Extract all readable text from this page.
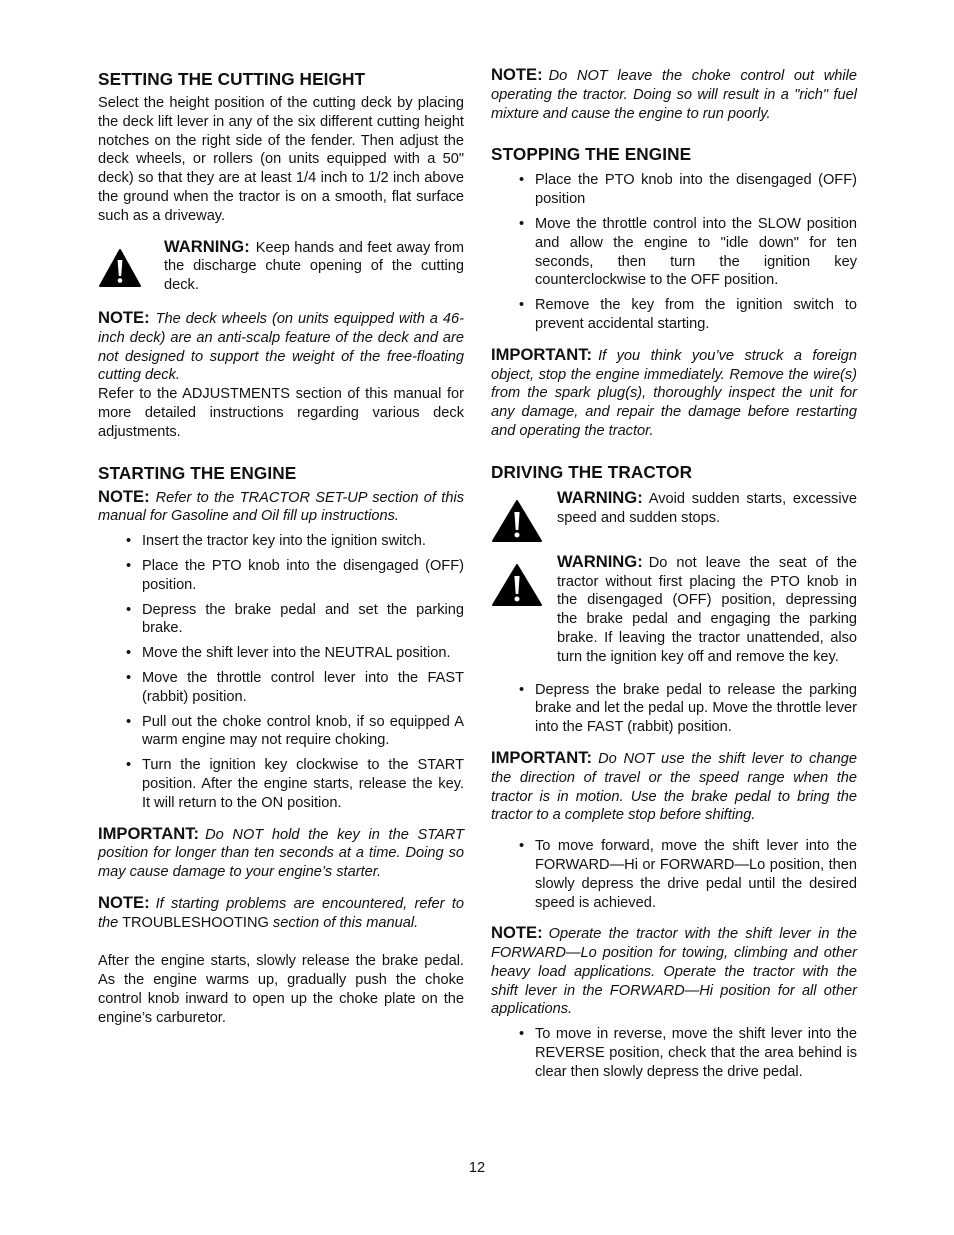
SETTING THE CUTTING HEIGHT

Select the height position of the cutting deck by placing the deck lift lever in any of the six different cutting height notches on the right side of the fender. Then adjust the deck wheels, or rollers (on units equipped with a 50" deck) so that they are at least 1/4 inch to 1/2 inch above the ground when the tractor is on a smooth, flat surface such as a driveway.

WARNING: Keep hands and feet away from the discharge chute opening of the cutting deck.

NOTE: The deck wheels (on units equipped with a 46-inch deck) are an anti-scalp feature of the deck and are not designed to support the weight of the free-floating cutting deck.

Refer to the ADJUSTMENTS section of this manual for more detailed instructions regarding various deck adjustments.

STARTING THE ENGINE

NOTE: Refer to the TRACTOR SET-UP section of this manual for Gasoline and Oil fill up instructions.

• Insert the tractor key into the ignition switch.
• Place the PTO knob into the disengaged (OFF) position.
• Depress the brake pedal and set the parking brake.
• Move the shift lever into the NEUTRAL position.
• Move the throttle control lever into the FAST (rabbit) position.
• Pull out the choke control knob, if so equipped A warm engine may not require choking.
• Turn the ignition key clockwise to the START position. After the engine starts, release the key. It will return to the ON position.

IMPORTANT: Do NOT hold the key in the START position for longer than ten seconds at a time. Doing so may cause damage to your engine’s starter.

NOTE: If starting problems are encountered, refer to the TROUBLESHOOTING section of this manual.

After the engine starts, slowly release the brake pedal. As the engine warms up, gradually push the choke control knob inward to open up the choke plate on the engine’s carburetor.

NOTE: Do NOT leave the choke control out while operating the tractor. Doing so will result in a "rich" fuel mixture and cause the engine to run poorly.

STOPPING THE ENGINE
• Place the PTO knob into the disengaged (OFF) position
• Move the throttle control into the SLOW position and allow the engine to "idle down" for ten seconds, then turn the ignition key counterclockwise to the OFF position.
• Remove the key from the ignition switch to prevent accidental starting.

IMPORTANT: If you think you’ve struck a foreign object, stop the engine immediately. Remove the wire(s) from the spark plug(s), thoroughly inspect the unit for any damage, and repair the damage before restarting and operating the tractor.

DRIVING THE TRACTOR

WARNING: Avoid sudden starts, excessive speed and sudden stops.

WARNING: Do not leave the seat of the tractor without first placing the PTO knob in the disengaged (OFF) position, depressing the brake pedal and engaging the parking brake. If leaving the tractor unattended, also turn the ignition key off and remove the key.

• Depress the brake pedal to release the parking brake and let the pedal up. Move the throttle lever into the FAST (rabbit) position.

IMPORTANT: Do NOT use the shift lever to change the direction of travel or the speed range when the tractor is in motion. Use the brake pedal to bring the tractor to a complete stop before shifting.

• To move forward, move the shift lever into the FORWARD—Hi or FORWARD—Lo position, then slowly depress the drive pedal until the desired speed is achieved.

NOTE: Operate the tractor with the shift lever in the FORWARD—Lo position for towing, climbing and other heavy load applications. Operate the tractor with the shift lever in the FORWARD—Hi position for all other applications.

• To move in reverse, move the shift lever into the REVERSE position, check that the area behind is clear then slowly depress the drive pedal.
12
